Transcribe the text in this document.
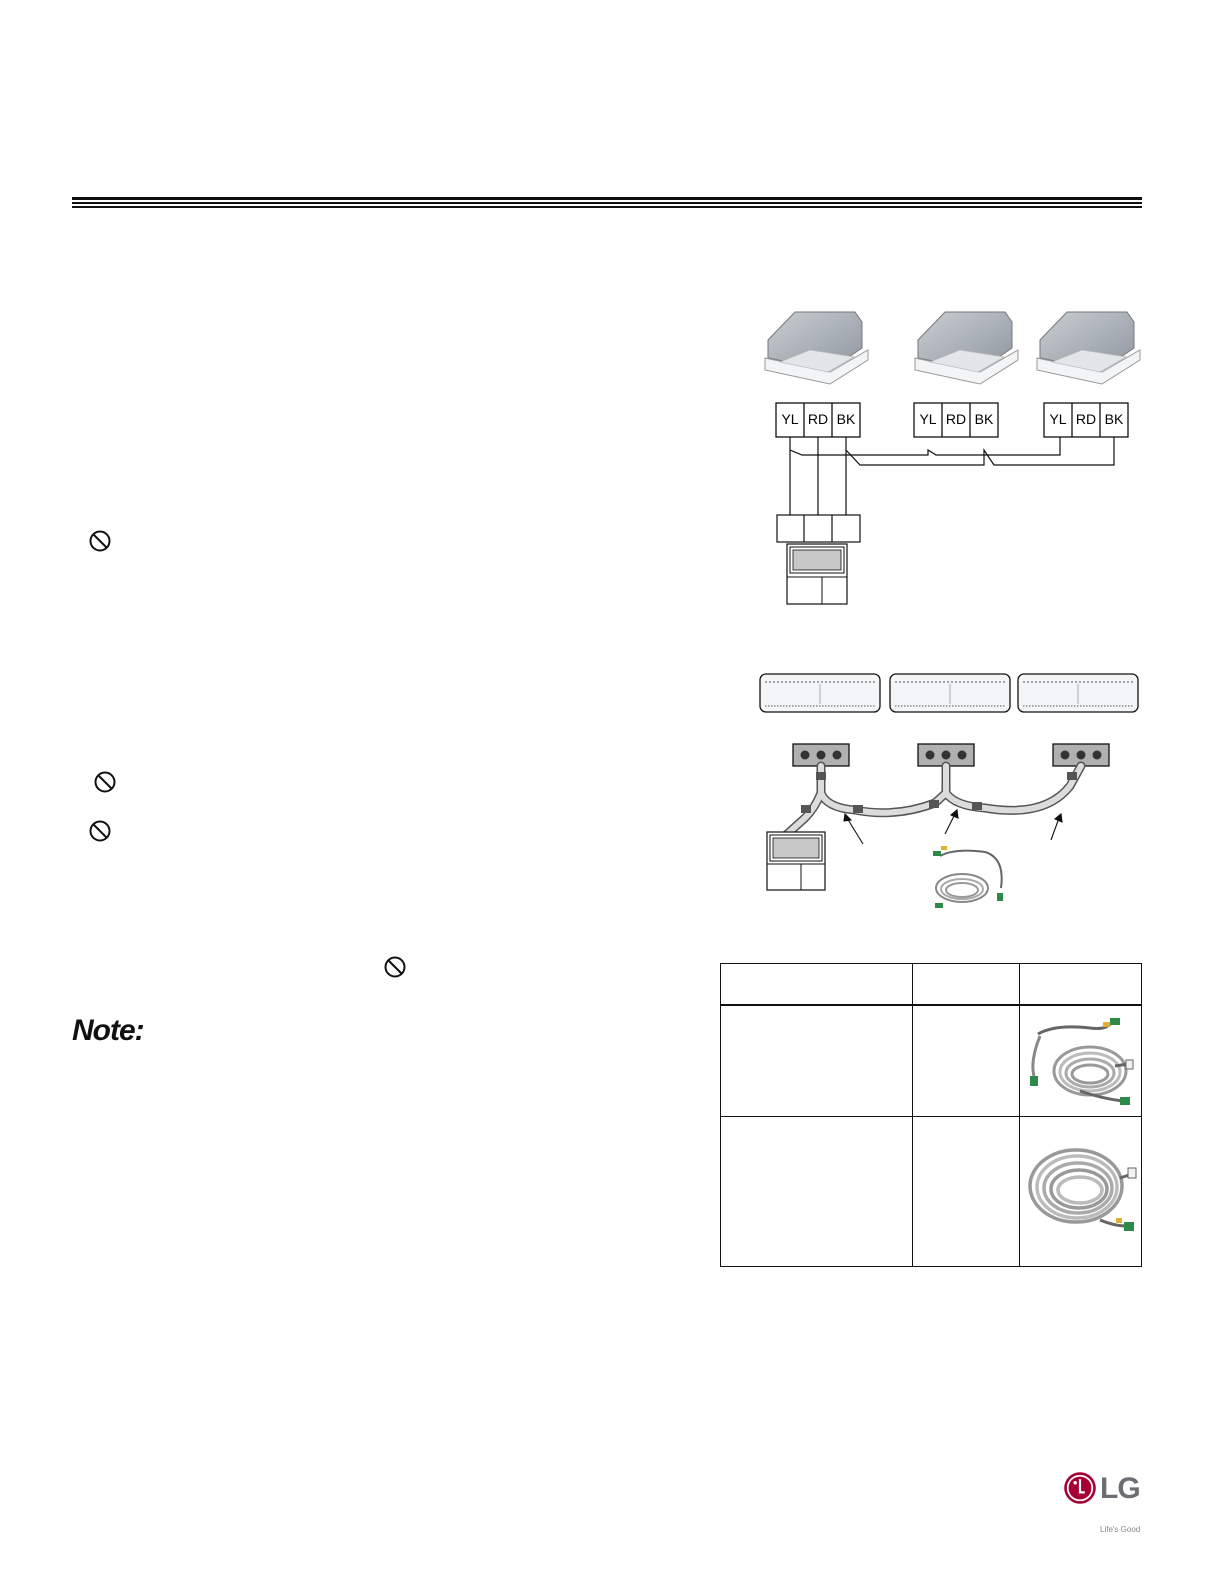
Note:
YL RD BK	YL RD BK	YL RD BK

LG
Life's Good
